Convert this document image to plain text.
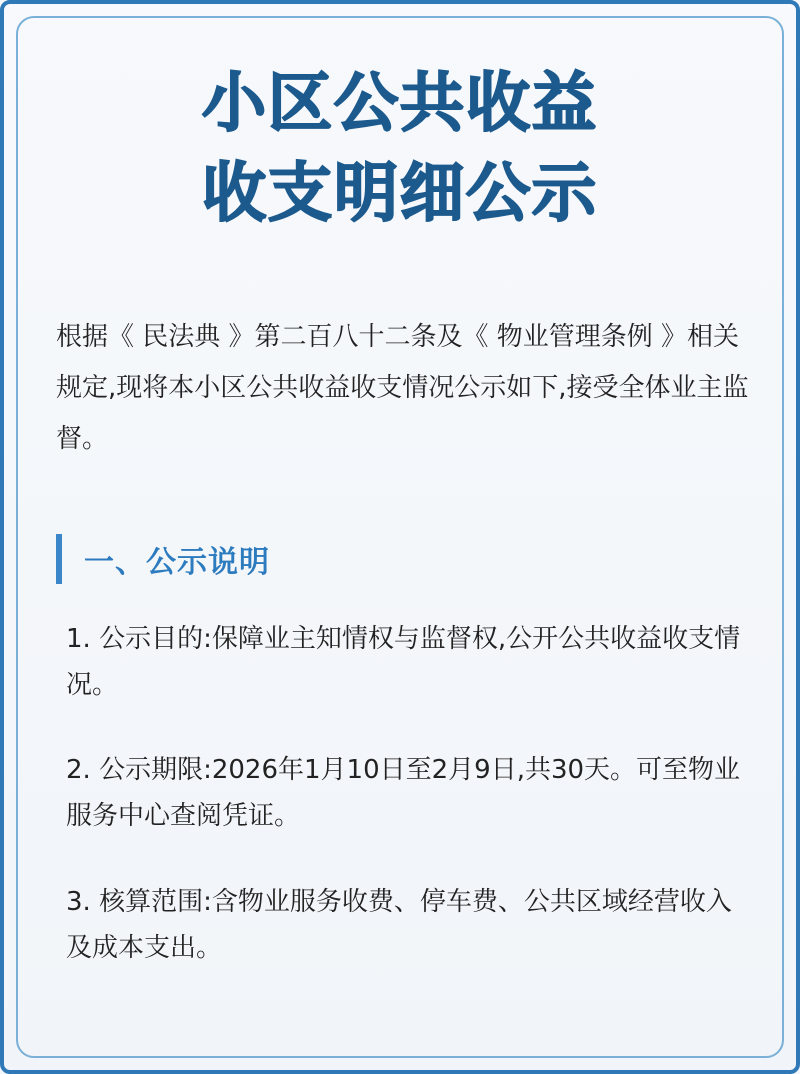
小区公共收益
收支明细公示
根据《 民法典 》第二百八十二条及《 物业管理条例 》相关规定,现将本小区公共收益收支情况公示如下,接受全体业主监督。
一、公示说明
1. 公示目的:保障业主知情权与监督权,公开公共收益收支情况。
2. 公示期限:2026年1月10日至2月9日,共30天。可至物业服务中心查阅凭证。
3. 核算范围:含物业服务收费、停车费、公共区域经营收入及成本支出。
